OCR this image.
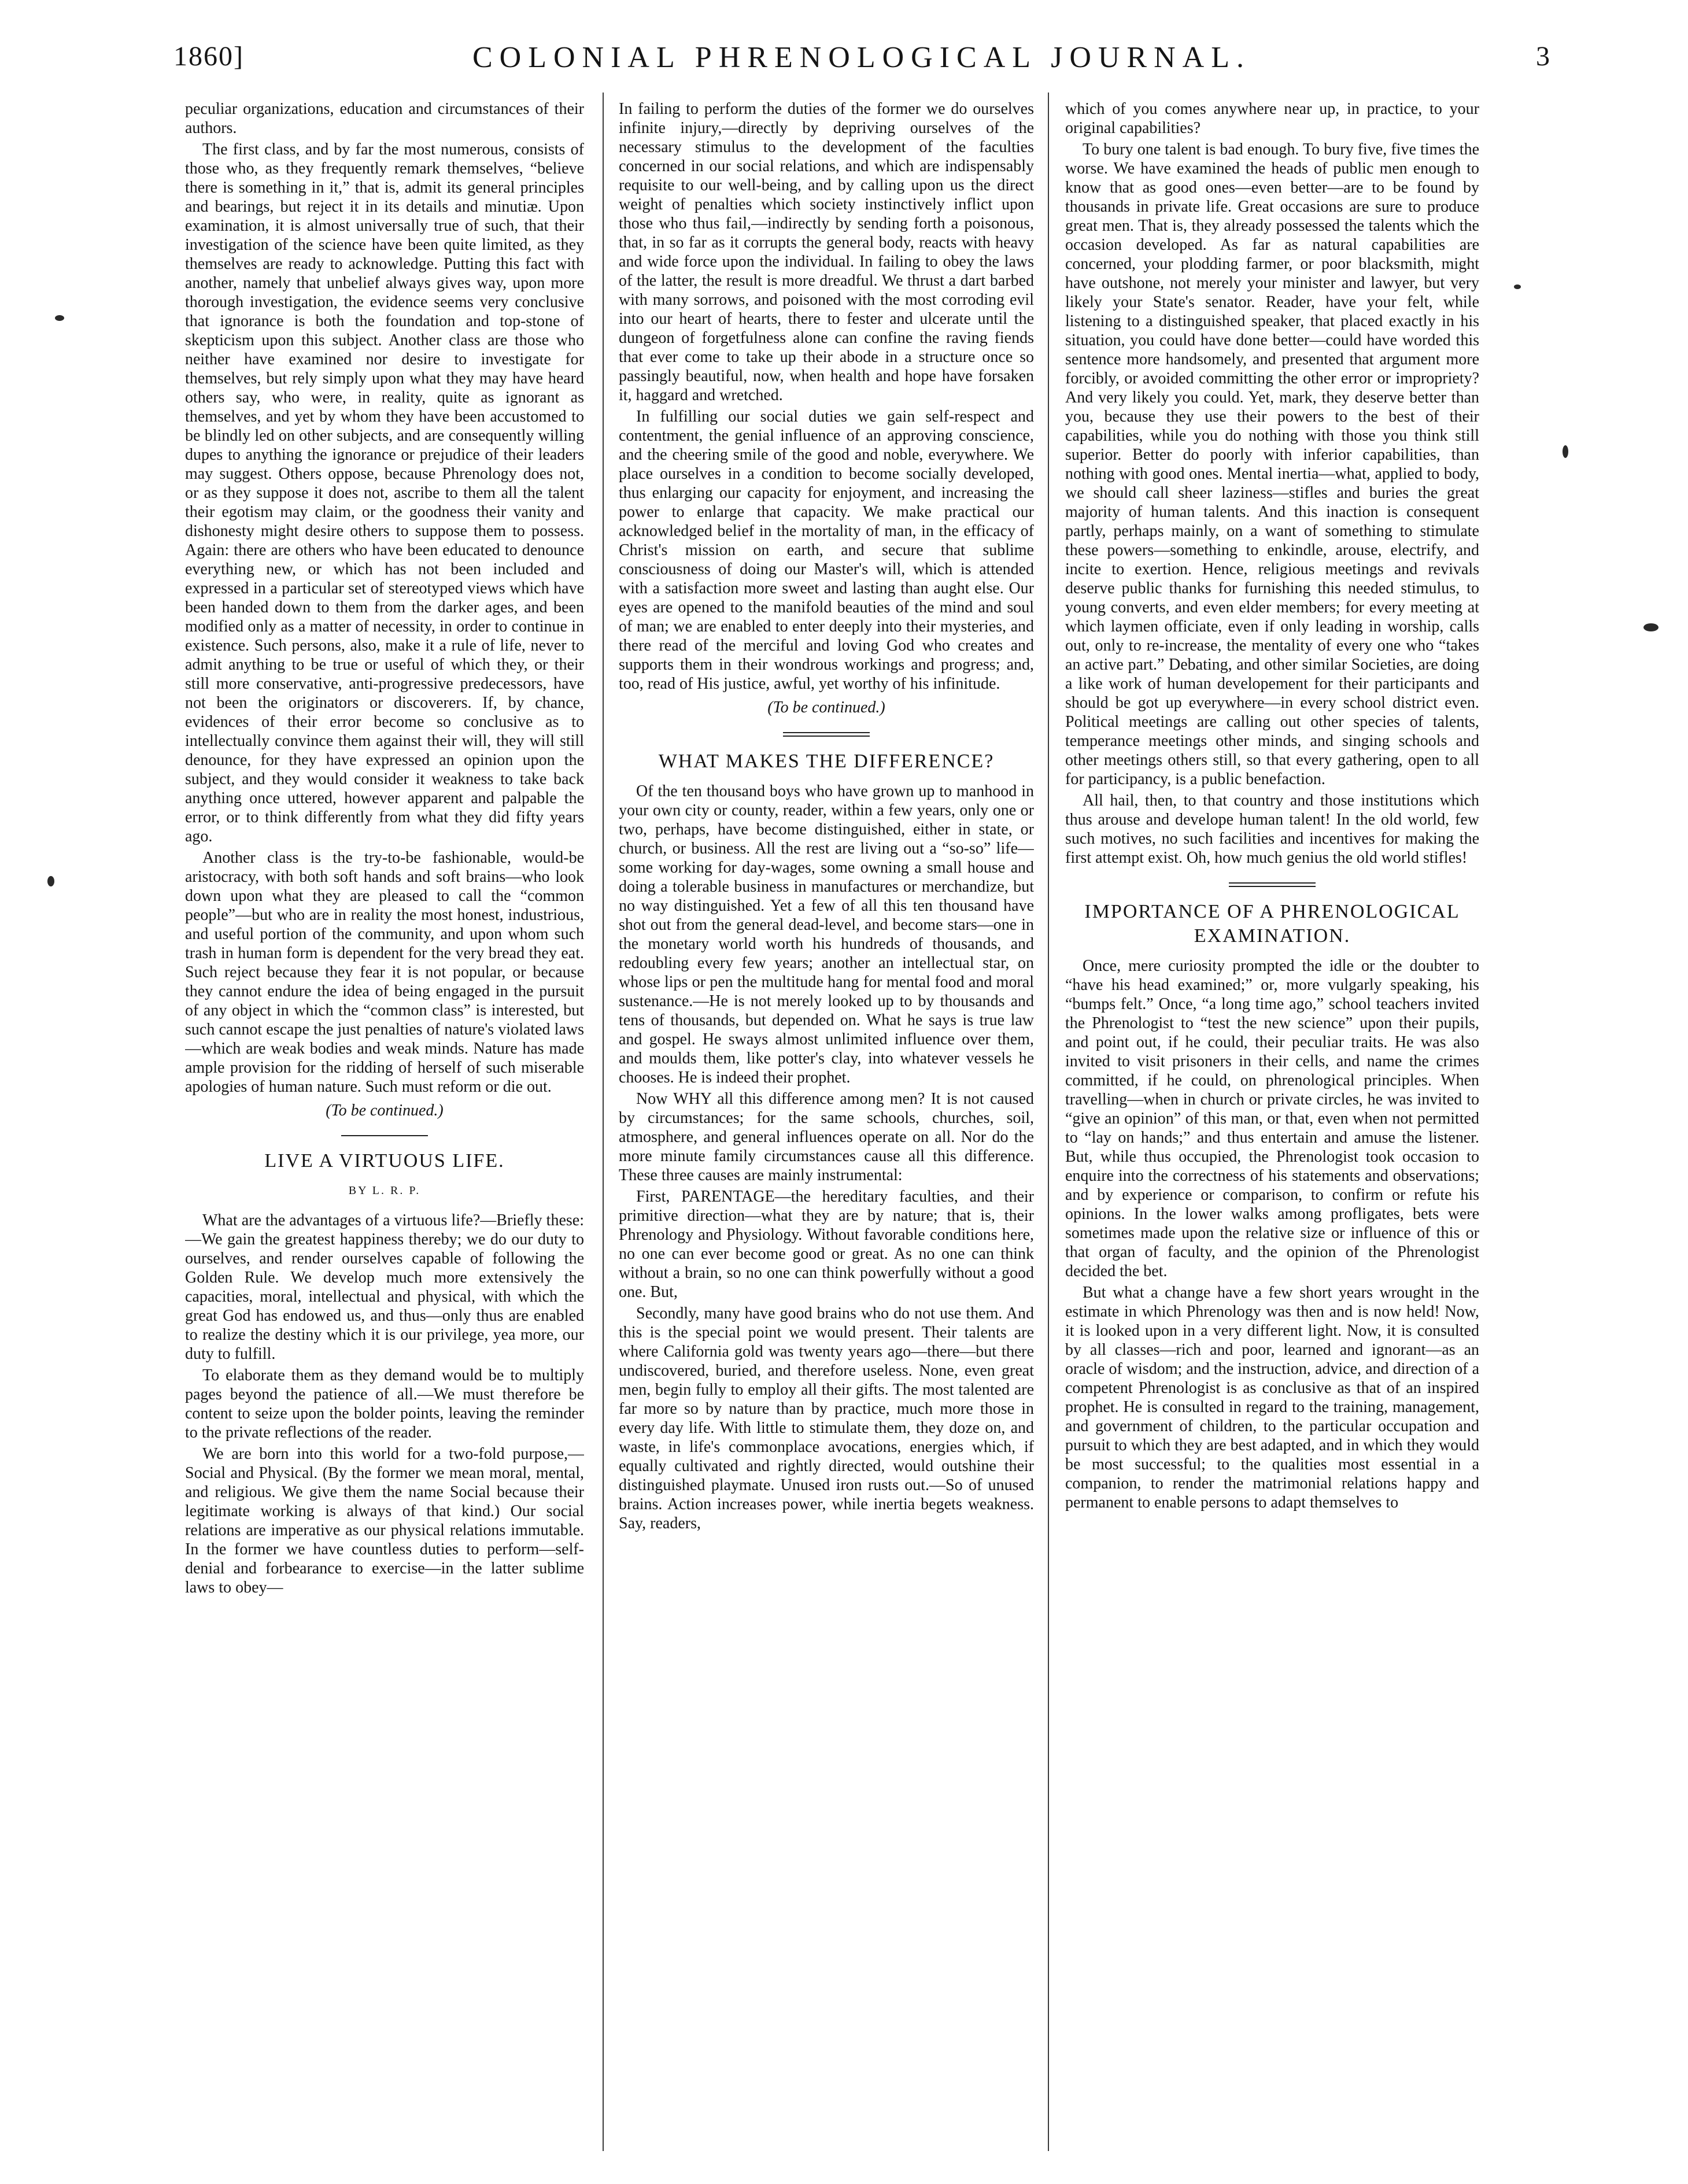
1860]	COLONIAL PHRENOLOGICAL JOURNAL.	3

peculiar organizations, education and circumstances of their authors.

The first class, and by far the most numerous, consists of those who, as they frequently remark themselves, “believe there is something in it,” that is, admit its general principles and bearings, but reject it in its details and minutiæ. Upon examination, it is almost universally true of such, that their investigation of the science have been quite limited, as they themselves are ready to acknowledge. Putting this fact with another, namely that unbelief always gives way, upon more thorough investigation, the evidence seems very conclusive that ignorance is both the foundation and top-stone of skepticism upon this subject. Another class are those who neither have examined nor desire to investigate for themselves, but rely simply upon what they may have heard others say, who were, in reality, quite as ignorant as themselves, and yet by whom they have been accustomed to be blindly led on other subjects, and are consequently willing dupes to anything the ignorance or prejudice of their leaders may suggest. Others oppose, because Phrenology does not, or as they suppose it does not, ascribe to them all the talent their egotism may claim, or the goodness their vanity and dishonesty might desire others to suppose them to possess. Again: there are others who have been educated to denounce everything new, or which has not been included and expressed in a particular set of stereotyped views which have been handed down to them from the darker ages, and been modified only as a matter of necessity, in order to continue in existence. Such persons, also, make it a rule of life, never to admit anything to be true or useful of which they, or their still more conservative, anti-progressive predecessors, have not been the originators or discoverers. If, by chance, evidences of their error become so conclusive as to intellectually convince them against their will, they will still denounce, for they have expressed an opinion upon the subject, and they would consider it weakness to take back anything once uttered, however apparent and palpable the error, or to think differently from what they did fifty years ago.

Another class is the try-to-be fashionable, would-be aristocracy, with both soft hands and soft brains—who look down upon what they are pleased to call the “common people”—but who are in reality the most honest, industrious, and useful portion of the community, and upon whom such trash in human form is dependent for the very bread they eat. Such reject because they fear it is not popular, or because they cannot endure the idea of being engaged in the pursuit of any object in which the “common class” is interested, but such cannot escape the just penalties of nature's violated laws—which are weak bodies and weak minds. Nature has made ample provision for the ridding of herself of such miserable apologies of human nature. Such must reform or die out.

(To be continued.)
LIVE A VIRTUOUS LIFE.
BY L. R. P.

What are the advantages of a virtuous life?—Briefly these:—We gain the greatest happiness thereby; we do our duty to ourselves, and render ourselves capable of following the Golden Rule. We develop much more extensively the capacities, moral, intellectual and physical, with which the great God has endowed us, and thus—only thus are enabled to realize the destiny which it is our privilege, yea more, our duty to fulfill.

To elaborate them as they demand would be to multiply pages beyond the patience of all.—We must therefore be content to seize upon the bolder points, leaving the reminder to the private reflections of the reader.

We are born into this world for a two-fold purpose,—Social and Physical. (By the former we mean moral, mental, and religious. We give them the name Social because their legitimate working is always of that kind.) Our social relations are imperative as our physical relations immutable. In the former we have countless duties to perform—self-denial and forbearance to exercise—in the latter sublime laws to obey—

In failing to perform the duties of the former we do ourselves infinite injury,—directly by depriving ourselves of the necessary stimulus to the development of the faculties concerned in our social relations, and which are indispensably requisite to our well-being, and by calling upon us the direct weight of penalties which society instinctively inflict upon those who thus fail,—indirectly by sending forth a poisonous, that, in so far as it corrupts the general body, reacts with heavy and wide force upon the individual. In failing to obey the laws of the latter, the result is more dreadful. We thrust a dart barbed with many sorrows, and poisoned with the most corroding evil into our heart of hearts, there to fester and ulcerate until the dungeon of forgetfulness alone can confine the raving fiends that ever come to take up their abode in a structure once so passingly beautiful, now, when health and hope have forsaken it, haggard and wretched.

In fulfilling our social duties we gain self-respect and contentment, the genial influence of an approving conscience, and the cheering smile of the good and noble, everywhere. We place ourselves in a condition to become socially developed, thus enlarging our capacity for enjoyment, and increasing the power to enlarge that capacity. We make practical our acknowledged belief in the mortality of man, in the efficacy of Christ's mission on earth, and secure that sublime consciousness of doing our Master's will, which is attended with a satisfaction more sweet and lasting than aught else. Our eyes are opened to the manifold beauties of the mind and soul of man; we are enabled to enter deeply into their mysteries, and there read of the merciful and loving God who creates and supports them in their wondrous workings and progress; and, too, read of His justice, awful, yet worthy of his infinitude.

(To be continued.)
WHAT MAKES THE DIFFERENCE?

Of the ten thousand boys who have grown up to manhood in your own city or county, reader, within a few years, only one or two, perhaps, have become distinguished, either in state, or church, or business. All the rest are living out a “so-so” life—some working for day-wages, some owning a small house and doing a tolerable business in manufactures or merchandize, but no way distinguished. Yet a few of all this ten thousand have shot out from the general dead-level, and become stars—one in the monetary world worth his hundreds of thousands, and redoubling every few years; another an intellectual star, on whose lips or pen the multitude hang for mental food and moral sustenance.—He is not merely looked up to by thousands and tens of thousands, but depended on. What he says is true law and gospel. He sways almost unlimited influence over them, and moulds them, like potter's clay, into whatever vessels he chooses. He is indeed their prophet.

Now WHY all this difference among men? It is not caused by circumstances; for the same schools, churches, soil, atmosphere, and general influences operate on all. Nor do the more minute family circumstances cause all this difference. These three causes are mainly instrumental:

First, PARENTAGE—the hereditary faculties, and their primitive direction—what they are by nature; that is, their Phrenology and Physiology. Without favorable conditions here, no one can ever become good or great. As no one can think without a brain, so no one can think powerfully without a good one. But,

Secondly, many have good brains who do not use them. And this is the special point we would present. Their talents are where California gold was twenty years ago—there—but there undiscovered, buried, and therefore useless. None, even great men, begin fully to employ all their gifts. The most talented are far more so by nature than by practice, much more those in every day life. With little to stimulate them, they doze on, and waste, in life's commonplace avocations, energies which, if equally cultivated and rightly directed, would outshine their distinguished playmate. Unused iron rusts out.—So of unused brains. Action increases power, while inertia begets weakness. Say, readers,

which of you comes anywhere near up, in practice, to your original capabilities?

To bury one talent is bad enough. To bury five, five times the worse. We have examined the heads of public men enough to know that as good ones—even better—are to be found by thousands in private life. Great occasions are sure to produce great men. That is, they already possessed the talents which the occasion developed. As far as natural capabilities are concerned, your plodding farmer, or poor blacksmith, might have outshone, not merely your minister and lawyer, but very likely your State's senator. Reader, have your felt, while listening to a distinguished speaker, that placed exactly in his situation, you could have done better—could have worded this sentence more handsomely, and presented that argument more forcibly, or avoided committing the other error or impropriety? And very likely you could. Yet, mark, they deserve better than you, because they use their powers to the best of their capabilities, while you do nothing with those you think still superior. Better do poorly with inferior capabilities, than nothing with good ones. Mental inertia—what, applied to body, we should call sheer laziness—stifles and buries the great majority of human talents. And this inaction is consequent partly, perhaps mainly, on a want of something to stimulate these powers—something to enkindle, arouse, electrify, and incite to exertion. Hence, religious meetings and revivals deserve public thanks for furnishing this needed stimulus, to young converts, and even elder members; for every meeting at which laymen officiate, even if only leading in worship, calls out, only to re-increase, the mentality of every one who “takes an active part.” Debating, and other similar Societies, are doing a like work of human developement for their participants and should be got up everywhere—in every school district even. Political meetings are calling out other species of talents, temperance meetings other minds, and singing schools and other meetings others still, so that every gathering, open to all for participancy, is a public benefaction.

All hail, then, to that country and those institutions which thus arouse and develope human talent! In the old world, few such motives, no such facilities and incentives for making the first attempt exist. Oh, how much genius the old world stifles!

IMPORTANCE OF A PHRENOLOGICAL EXAMINATION.

Once, mere curiosity prompted the idle or the doubter to “have his head examined;” or, more vulgarly speaking, his “bumps felt.” Once, “a long time ago,” school teachers invited the Phrenologist to “test the new science” upon their pupils, and point out, if he could, their peculiar traits. He was also invited to visit prisoners in their cells, and name the crimes committed, if he could, on phrenological principles. When travelling—when in church or private circles, he was invited to “give an opinion” of this man, or that, even when not permitted to “lay on hands;” and thus entertain and amuse the listener. But, while thus occupied, the Phrenologist took occasion to enquire into the correctness of his statements and observations; and by experience or comparison, to confirm or refute his opinions. In the lower walks among profligates, bets were sometimes made upon the relative size or influence of this or that organ of faculty, and the opinion of the Phrenologist decided the bet.

But what a change have a few short years wrought in the estimate in which Phrenology was then and is now held! Now, it is looked upon in a very different light. Now, it is consulted by all classes—rich and poor, learned and ignorant—as an oracle of wisdom; and the instruction, advice, and direction of a competent Phrenologist is as conclusive as that of an inspired prophet. He is consulted in regard to the training, management, and government of children, to the particular occupation and pursuit to which they are best adapted, and in which they would be most successful; to the qualities most essential in a companion, to render the matrimonial relations happy and permanent to enable persons to adapt themselves to
